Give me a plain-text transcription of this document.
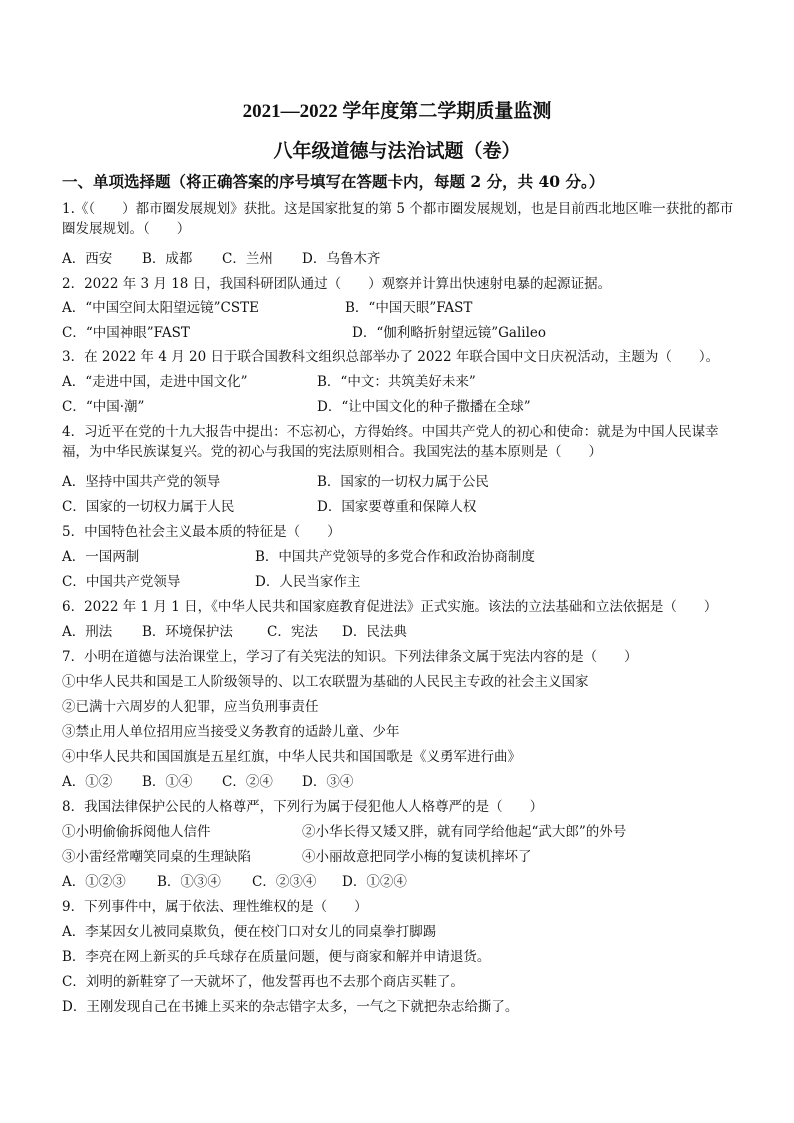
2021—2022 学年度第二学期质量监测
八年级道德与法治试题（卷）
一、单项选择题（将正确答案的序号填写在答题卡内，每题 2 分，共 40 分。）
1.《（　　）都市圈发展规划》获批。这是国家批复的第 5 个都市圈发展规划，也是目前西北地区唯一获批的都市圈发展规划。（　　）
A．西安 B．成都 C．兰州 D．乌鲁木齐
2．2022 年 3 月 18 日，我国科研团队通过（　　）观察并计算出快速射电暴的起源证据。
A．“中国空间太阳望远镜”CSTE	B．“中国天眼”FAST
C．“中国神眼”FAST	D．“伽利略折射望远镜”Galileo
3．在 2022 年 4 月 20 日于联合国教科文组织总部举办了 2022 年联合国中文日庆祝活动，主题为（　　）。
A．“走进中国，走进中国文化”	B．“中文：共筑美好未来”
C．“中国·潮”	D．“让中国文化的种子撒播在全球”
4．习近平在党的十九大报告中提出：不忘初心，方得始终。中国共产党人的初心和使命：就是为中国人民谋幸福，为中华民族谋复兴。党的初心与我国的宪法原则相合。我国宪法的基本原则是（　　）
A．坚持中国共产党的领导	B．国家的一切权力属于公民
C．国家的一切权力属于人民	D．国家要尊重和保障人权
5．中国特色社会主义最本质的特征是（　　）
A．一国两制	B．中国共产党领导的多党合作和政治协商制度
C．中国共产党领导	D．人民当家作主
6．2022 年 1 月 1 日，《中华人民共和国家庭教育促进法》正式实施。该法的立法基础和立法依据是（　　）
A．刑法 B．环境保护法	C．宪法 D．民法典
7．小明在道德与法治课堂上，学习了有关宪法的知识。下列法律条文属于宪法内容的是（　　）
①中华人民共和国是工人阶级领导的、以工农联盟为基础的人民民主专政的社会主义国家
②已满十六周岁的人犯罪，应当负刑事责任
③禁止用人单位招用应当接受义务教育的适龄儿童、少年
④中华人民共和国国旗是五星红旗，中华人民共和国国歌是《义勇军进行曲》
A．①② B．①④ C．②④ D．③④
8．我国法律保护公民的人格尊严，下列行为属于侵犯他人人格尊严的是（　　）
①小明偷偷拆阅他人信件	②小华长得又矮又胖，就有同学给他起“武大郎”的外号
③小雷经常嘲笑同桌的生理缺陷	④小丽故意把同学小梅的复读机摔坏了
A．①②③ B．①③④ C．②③④ D．①②④
9．下列事件中，属于依法、理性维权的是（　　）
A．李某因女儿被同桌欺负，便在校门口对女儿的同桌拳打脚踢
B．李亮在网上新买的乒乓球存在质量问题，便与商家和解并申请退货。
C．刘明的新鞋穿了一天就坏了，他发誓再也不去那个商店买鞋了。
D．王刚发现自己在书摊上买来的杂志错字太多，一气之下就把杂志给撕了。
